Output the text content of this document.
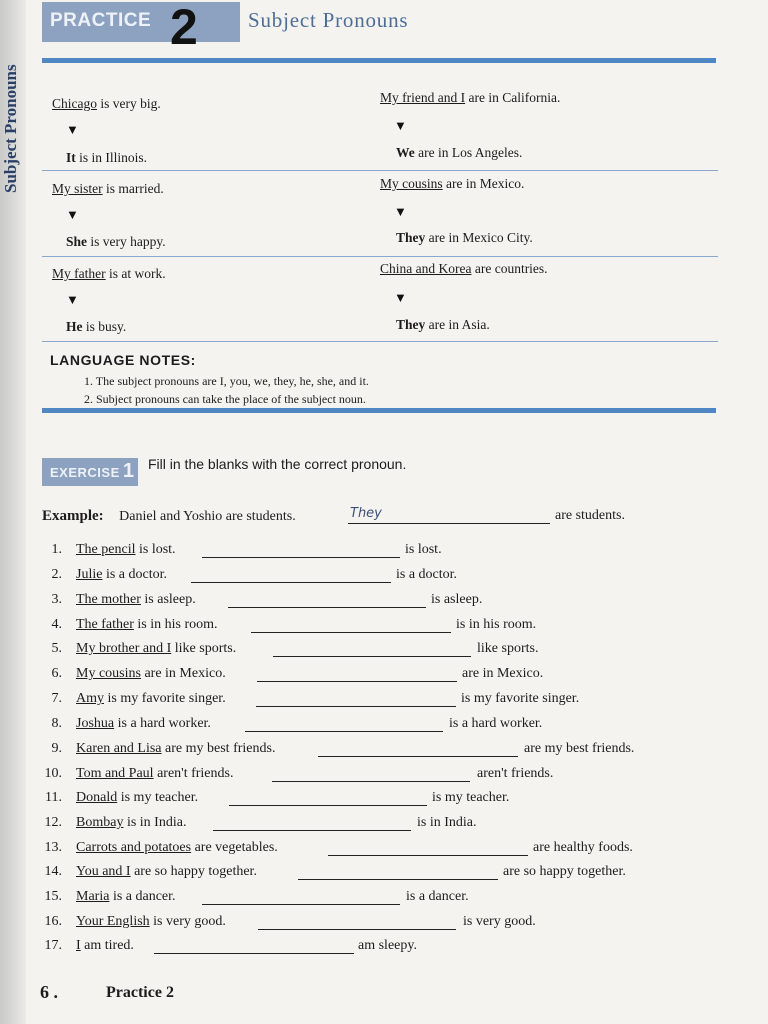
Subject Pronouns
PRACTICE 2 Subject Pronouns
Chicago is very big.
▼
It is in Illinois.
My friend and I are in California.
▼
We are in Los Angeles.
My sister is married.
▼
She is very happy.
My cousins are in Mexico.
▼
They are in Mexico City.
My father is at work.
▼
He is busy.
China and Korea are countries.
▼
They are in Asia.
LANGUAGE NOTES:
1. The subject pronouns are I, you, we, they, he, she, and it.
2. Subject pronouns can take the place of the subject noun.
EXERCISE 1 Fill in the blanks with the correct pronoun.
Example: Daniel and Yoshio are students.	They	are students.
1. The pencil is lost.	is lost.
2. Julie is a doctor.	is a doctor.
3. The mother is asleep.	is asleep.
4. The father is in his room.	is in his room.
5. My brother and I like sports.	like sports.
6. My cousins are in Mexico.	are in Mexico.
7. Amy is my favorite singer.	is my favorite singer.
8. Joshua is a hard worker.	is a hard worker.
9. Karen and Lisa are my best friends.	are my best friends.
10. Tom and Paul aren't friends.	aren't friends.
11. Donald is my teacher.	is my teacher.
12. Bombay is in India.	is in India.
13. Carrots and potatoes are vegetables.	are healthy foods.
14. You and I are so happy together.	are so happy together.
15. Maria is a dancer.	is a dancer.
16. Your English is very good.	is very good.
17. I am tired.	am sleepy.
6 .	Practice 2
